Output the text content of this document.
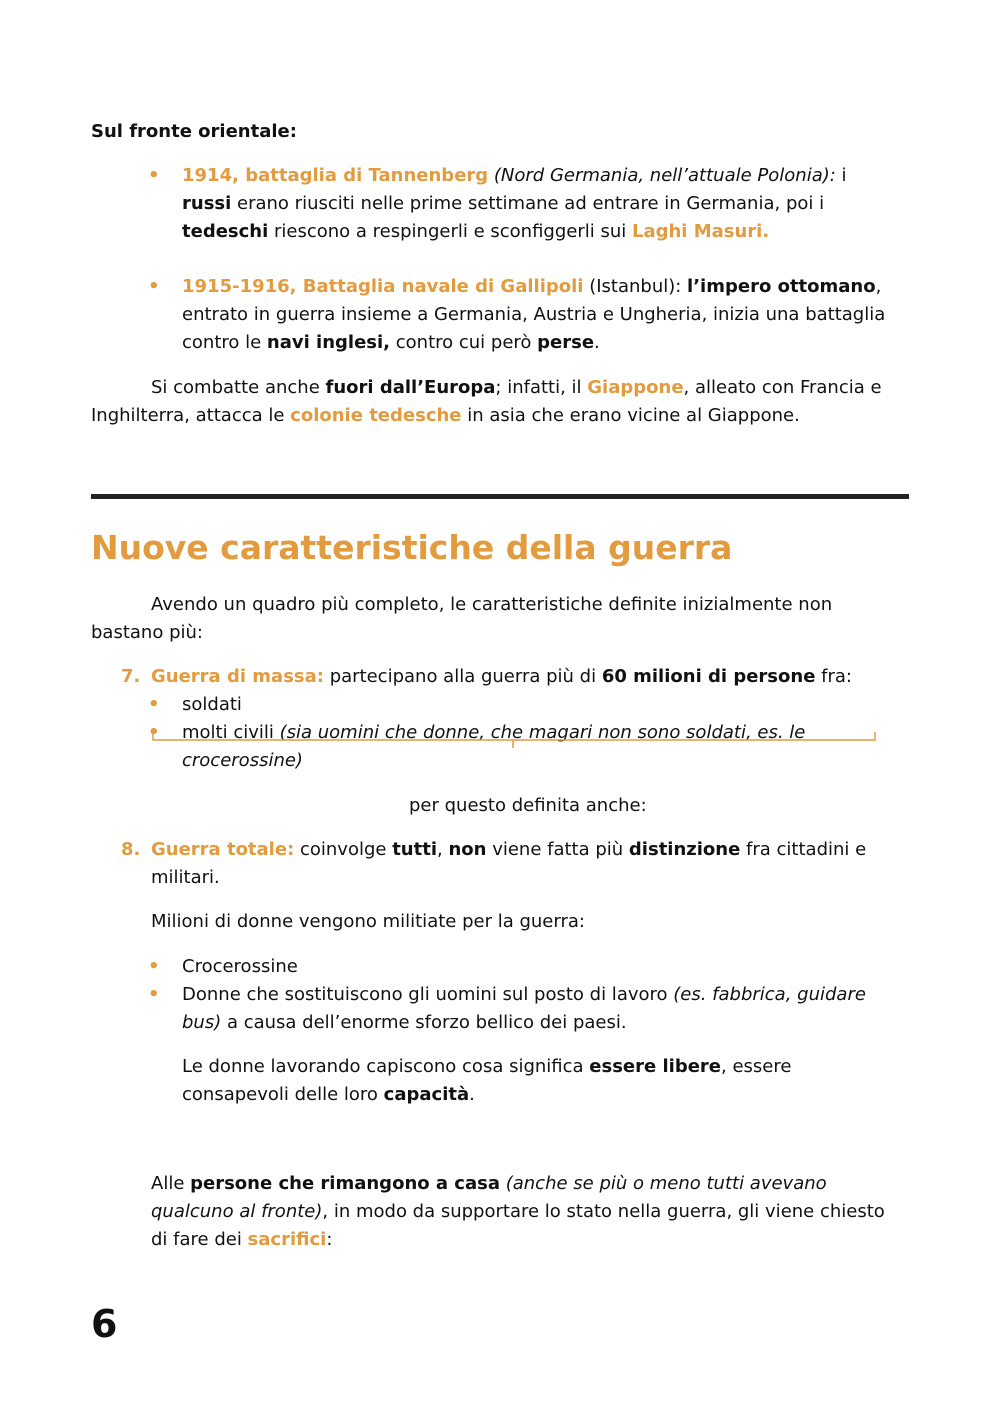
Sul fronte orientale:
• 1914, battaglia di Tannenberg (Nord Germania, nell’attuale Polonia): i
russi erano riusciti nelle prime settimane ad entrare in Germania, poi i
tedeschi riescono a respingerli e sconfiggerli sui Laghi Masuri.
• 1915-1916, Battaglia navale di Gallipoli (Istanbul): l’impero ottomano,
entrato in guerra insieme a Germania, Austria e Ungheria, inizia una battaglia
contro le navi inglesi, contro cui però perse.
Si combatte anche fuori dall’Europa; infatti, il Giappone, alleato con Francia e
Inghilterra, attacca le colonie tedesche in asia che erano vicine al Giappone.
Nuove caratteristiche della guerra
Avendo un quadro più completo, le caratteristiche definite inizialmente non
bastano più:
7. Guerra di massa: partecipano alla guerra più di 60 milioni di persone fra:
• soldati
• molti civili (sia uomini che donne, che magari non sono soldati, es. le
crocerossine)
per questo definita anche:
8. Guerra totale: coinvolge tutti, non viene fatta più distinzione fra cittadini e
militari.
Milioni di donne vengono militiate per la guerra:
• Crocerossine
• Donne che sostituiscono gli uomini sul posto di lavoro (es. fabbrica, guidare
bus) a causa dell’enorme sforzo bellico dei paesi.
Le donne lavorando capiscono cosa significa essere libere, essere
consapevoli delle loro capacità.
Alle persone che rimangono a casa (anche se più o meno tutti avevano
qualcuno al fronte), in modo da supportare lo stato nella guerra, gli viene chiesto
di fare dei sacrifici:
6
